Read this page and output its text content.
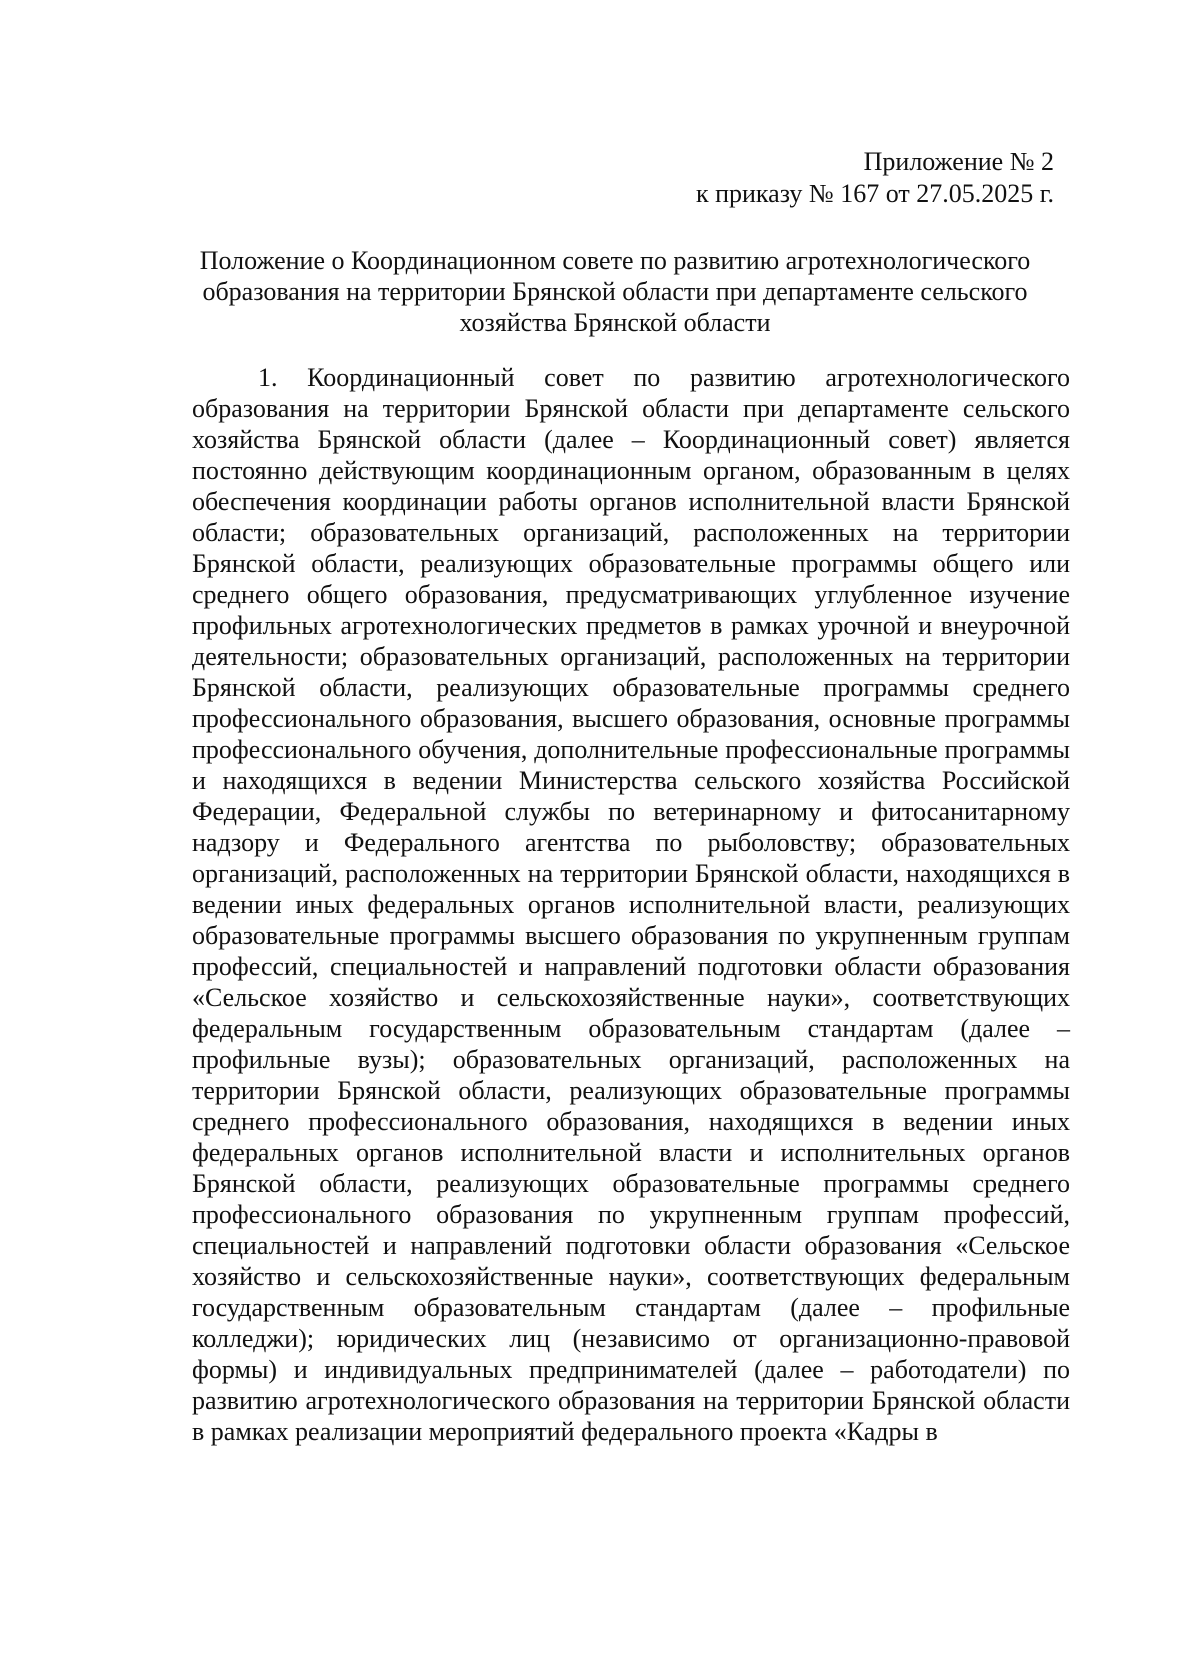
Приложение № 2
к приказу № 167 от 27.05.2025 г.
Положение о Координационном совете по развитию агротехнологического образования на территории Брянской области при департаменте сельского хозяйства Брянской области
1. Координационный совет по развитию агротехнологического образования на территории Брянской области при департаменте сельского хозяйства Брянской области (далее – Координационный совет) является постоянно действующим координационным органом, образованным в целях обеспечения координации работы органов исполнительной власти Брянской области; образовательных организаций, расположенных на территории Брянской области, реализующих образовательные программы общего или среднего общего образования, предусматривающих углубленное изучение профильных агротехнологических предметов в рамках урочной и внеурочной деятельности; образовательных организаций, расположенных на территории Брянской области, реализующих образовательные программы среднего профессионального образования, высшего образования, основные программы профессионального обучения, дополнительные профессиональные программы и находящихся в ведении Министерства сельского хозяйства Российской Федерации, Федеральной службы по ветеринарному и фитосанитарному надзору и Федерального агентства по рыболовству; образовательных организаций, расположенных на территории Брянской области, находящихся в ведении иных федеральных органов исполнительной власти, реализующих образовательные программы высшего образования по укрупненным группам профессий, специальностей и направлений подготовки области образования «Сельское хозяйство и сельскохозяйственные науки», соответствующих федеральным государственным образовательным стандартам (далее – профильные вузы); образовательных организаций, расположенных на территории Брянской области, реализующих образовательные программы среднего профессионального образования, находящихся в ведении иных федеральных органов исполнительной власти и исполнительных органов Брянской области, реализующих образовательные программы среднего профессионального образования по укрупненным группам профессий, специальностей и направлений подготовки области образования «Сельское хозяйство и сельскохозяйственные науки», соответствующих федеральным государственным образовательным стандартам (далее – профильные колледжи); юридических лиц (независимо от организационно-правовой формы) и индивидуальных предпринимателей (далее – работодатели) по развитию агротехнологического образования на территории Брянской области в рамках реализации мероприятий федерального проекта «Кадры в
